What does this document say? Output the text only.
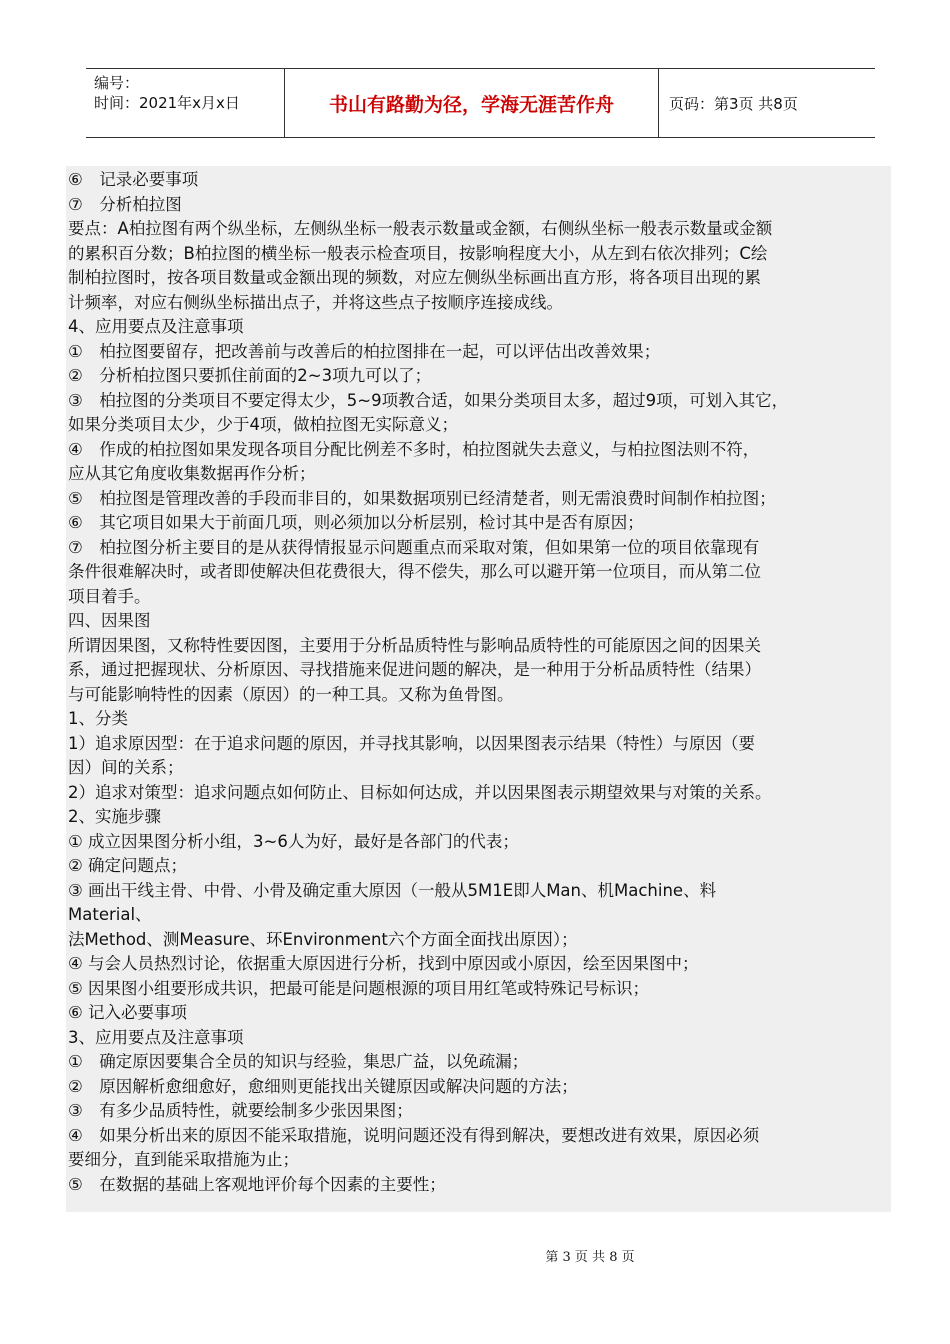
编号：
时间：2021年x月x日	书山有路勤为径，学海无涯苦作舟	页码：第3页 共8页
⑥　记录必要事项
⑦　分析柏拉图
要点：A柏拉图有两个纵坐标，左侧纵坐标一般表示数量或金额，右侧纵坐标一般表示数量或金额
的累积百分数；B柏拉图的横坐标一般表示检查项目，按影响程度大小，从左到右依次排列；C绘
制柏拉图时，按各项目数量或金额出现的频数，对应左侧纵坐标画出直方形，将各项目出现的累
计频率，对应右侧纵坐标描出点子，并将这些点子按顺序连接成线。
4、应用要点及注意事项
①　柏拉图要留存，把改善前与改善后的柏拉图排在一起，可以评估出改善效果；
②　分析柏拉图只要抓住前面的2~3项九可以了；
③　柏拉图的分类项目不要定得太少，5~9项教合适，如果分类项目太多，超过9项，可划入其它，
如果分类项目太少，少于4项，做柏拉图无实际意义；
④　作成的柏拉图如果发现各项目分配比例差不多时，柏拉图就失去意义，与柏拉图法则不符，
应从其它角度收集数据再作分析；
⑤　柏拉图是管理改善的手段而非目的，如果数据项别已经清楚者，则无需浪费时间制作柏拉图；
⑥　其它项目如果大于前面几项，则必须加以分析层别，检讨其中是否有原因；
⑦　柏拉图分析主要目的是从获得情报显示问题重点而采取对策，但如果第一位的项目依靠现有
条件很难解决时，或者即使解决但花费很大，得不偿失，那么可以避开第一位项目，而从第二位
项目着手。
四、因果图
所谓因果图，又称特性要因图，主要用于分析品质特性与影响品质特性的可能原因之间的因果关
系，通过把握现状、分析原因、寻找措施来促进问题的解决，是一种用于分析品质特性（结果）
与可能影响特性的因素（原因）的一种工具。又称为鱼骨图。
1、分类
1）追求原因型：在于追求问题的原因，并寻找其影响，以因果图表示结果（特性）与原因（要
因）间的关系；
2）追求对策型：追求问题点如何防止、目标如何达成，并以因果图表示期望效果与对策的关系。
2、实施步骤
① 成立因果图分析小组，3~6人为好，最好是各部门的代表；
② 确定问题点；
③ 画出干线主骨、中骨、小骨及确定重大原因（一般从5M1E即人Man、机Machine、料
Material、
法Method、测Measure、环Environment六个方面全面找出原因）；
④ 与会人员热烈讨论，依据重大原因进行分析，找到中原因或小原因，绘至因果图中；
⑤ 因果图小组要形成共识，把最可能是问题根源的项目用红笔或特殊记号标识；
⑥ 记入必要事项
3、应用要点及注意事项
①　确定原因要集合全员的知识与经验，集思广益，以免疏漏；
②　原因解析愈细愈好，愈细则更能找出关键原因或解决问题的方法；
③　有多少品质特性，就要绘制多少张因果图；
④　如果分析出来的原因不能采取措施，说明问题还没有得到解决，要想改进有效果，原因必须
要细分，直到能采取措施为止；
⑤　在数据的基础上客观地评价每个因素的主要性；
第 3 页 共 8 页
